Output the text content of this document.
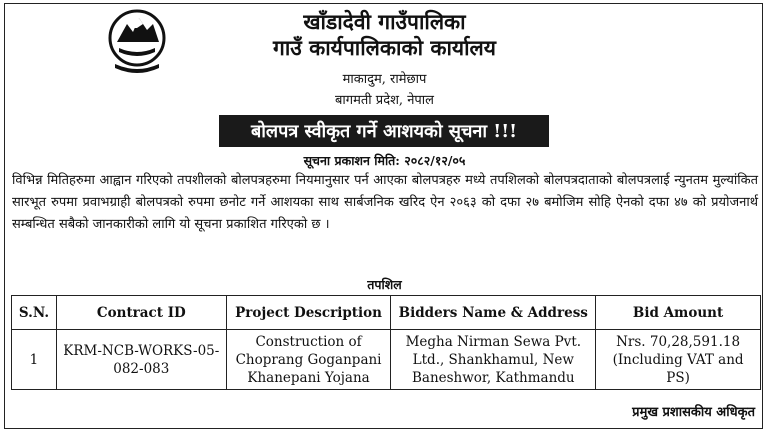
खाँडादेवी गाउँपालिका
गाउँ कार्यपालिकाको कार्यालय
माकादुम, रामेछाप
बागमती प्रदेश, नेपाल
बोलपत्र स्वीकृत गर्ने आशयको सूचना !!!
सूचना प्रकाशन मिति: २०८२/१२/०५
विभिन्न मितिहरुमा आह्वान गरिएको तपशीलको बोलपत्रहरुमा नियमानुसार पर्न आएका बोलपत्रहरु मध्ये तपशिलको बोलपत्रदाताको बोलपत्रलाई न्युनतम मुल्यांकित सारभूत रुपमा प्रवाभग्राही बोलपत्रको रुपमा छनोट गर्ने आशयका साथ सार्बजनिक खरिद ऐन २०६३ को दफा २७ बमोजिम सोहि ऐनको दफा ४७ को प्रयोजनार्थ सम्बन्धित सबैको जानकारीको लागि यो सूचना प्रकाशित गरिएको छ ।
तपशिल
S.N.	Contract ID	Project Description	Bidders Name & Address	Bid Amount
1	KRM-NCB-WORKS-05-082-083	Construction of Choprang Goganpani Khanepani Yojana	Megha Nirman Sewa Pvt. Ltd., Shankhamul, New Baneshwor, Kathmandu	Nrs. 70,28,591.18 (Including VAT and PS)
प्रमुख प्रशासकीय अधिकृत
